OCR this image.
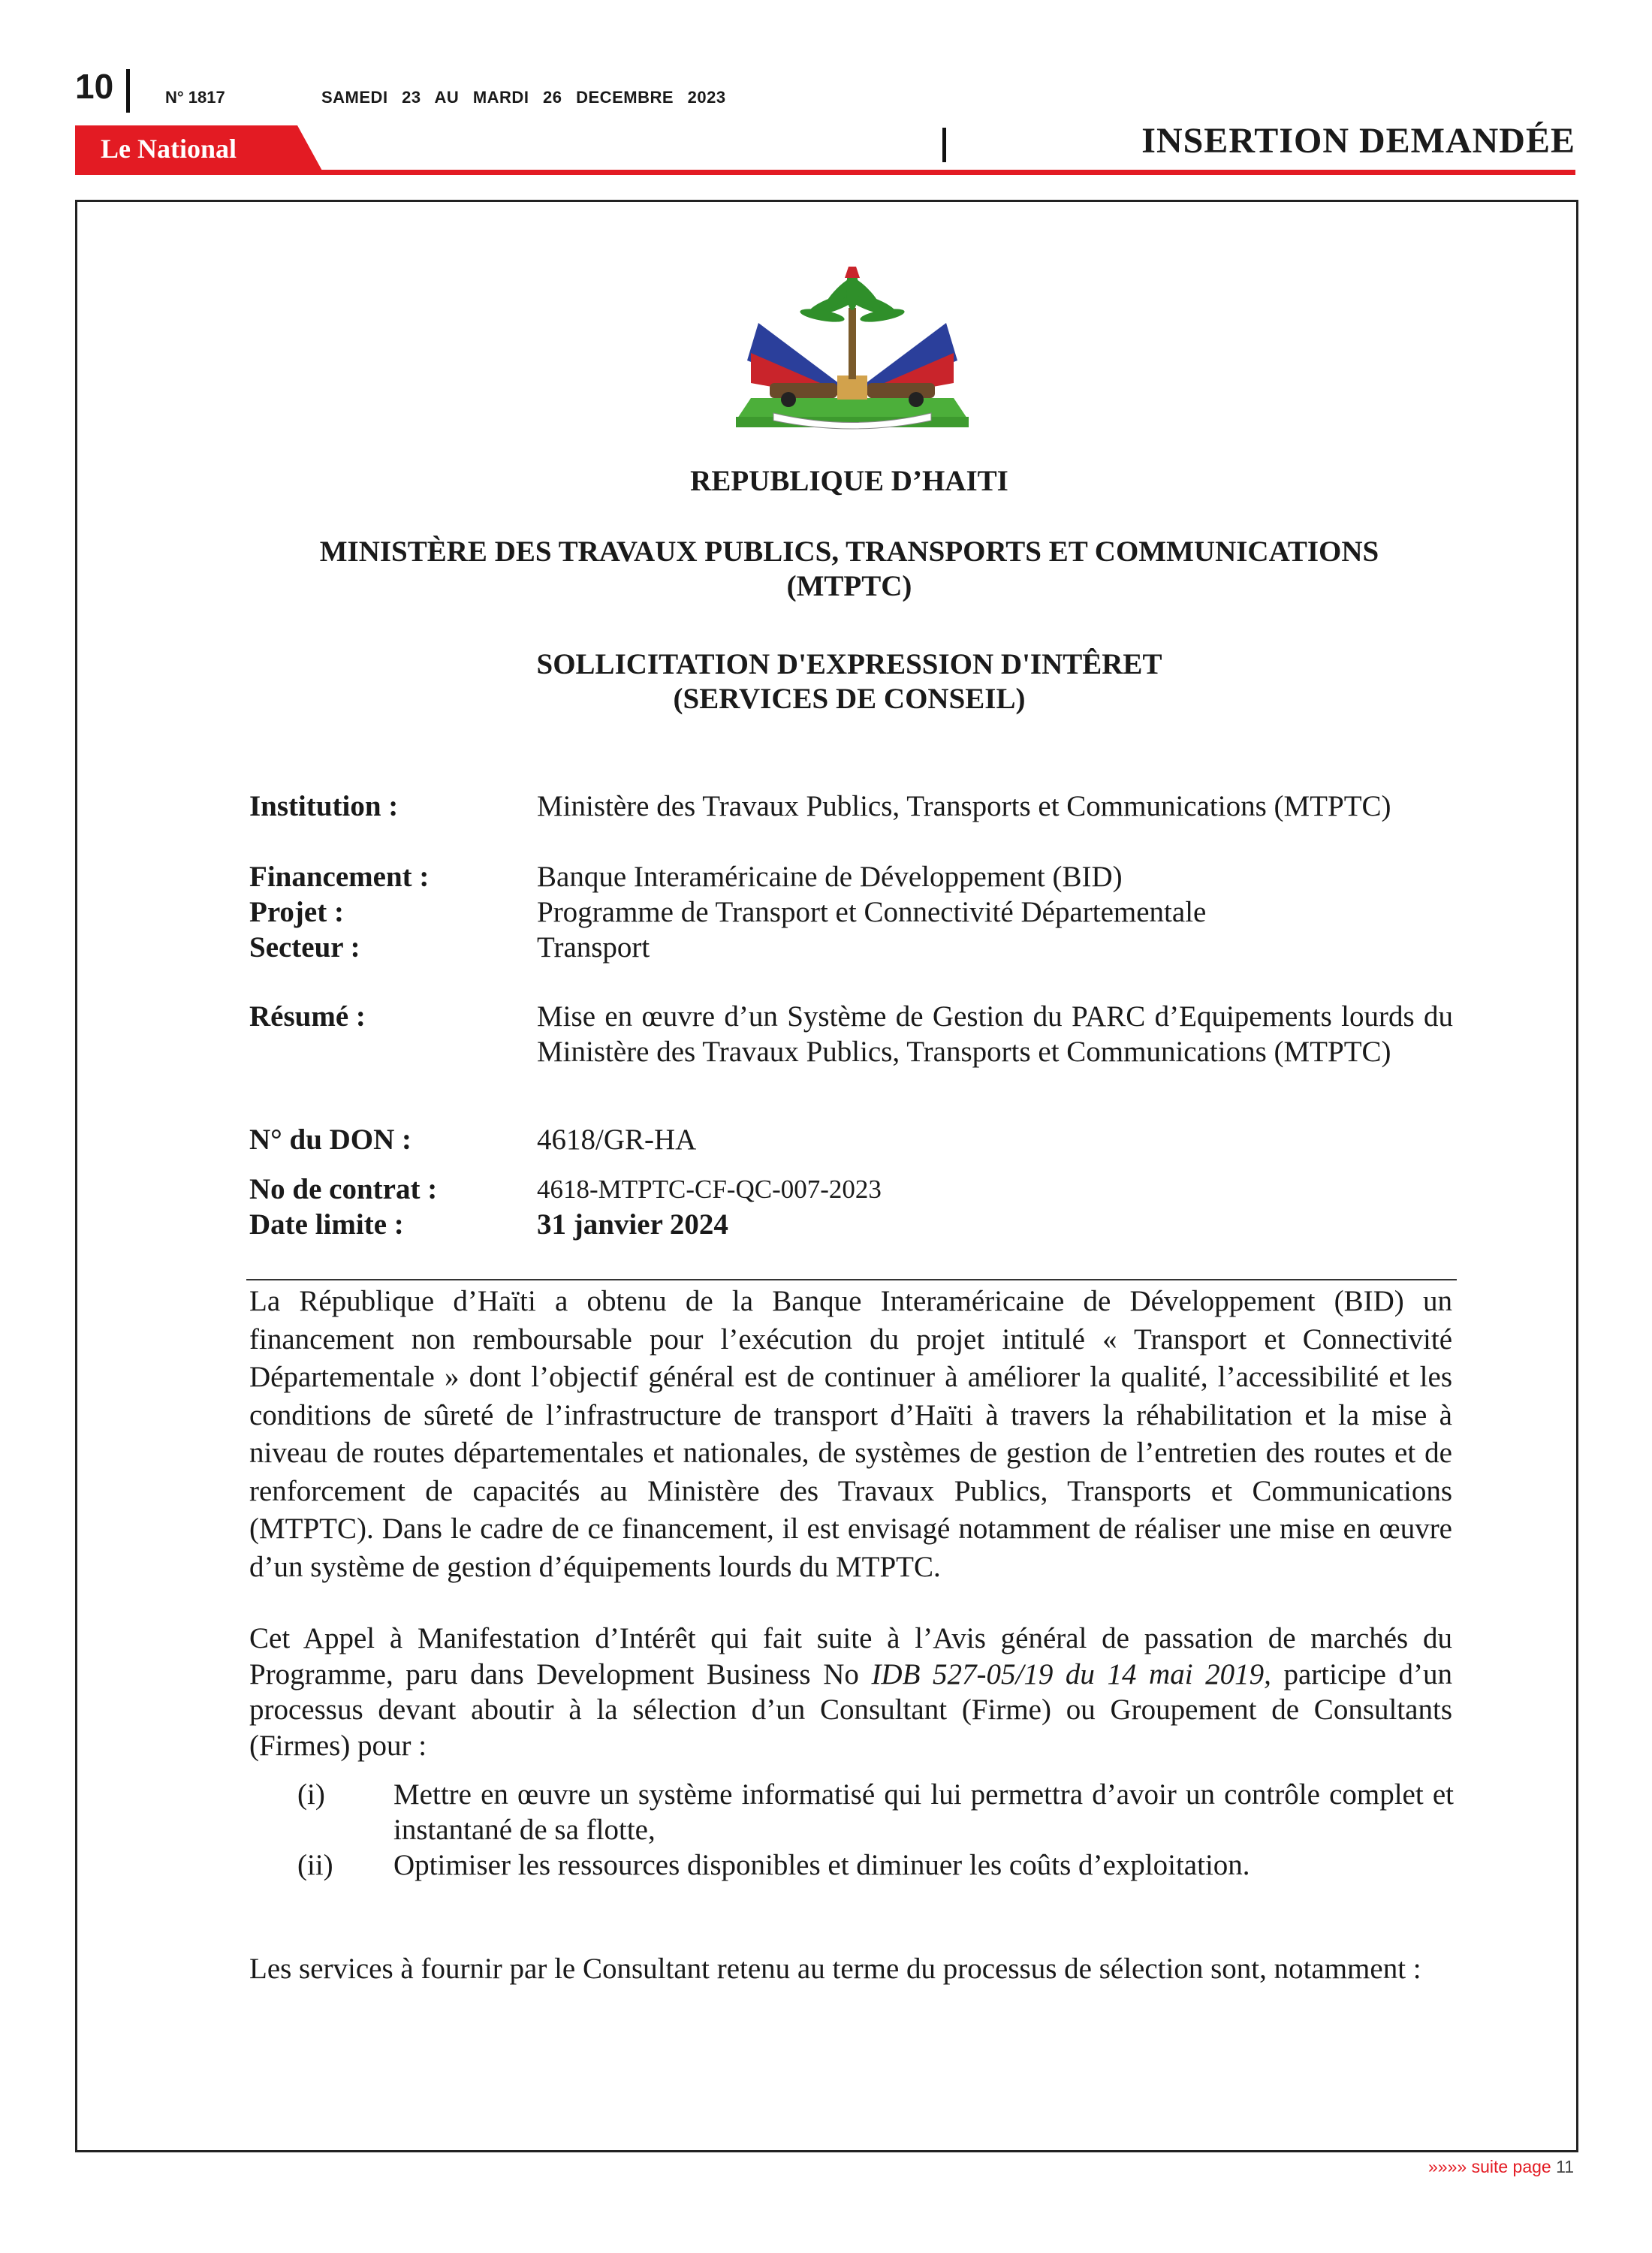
10	N° 1817	SAMEDI 23 AU MARDI 26 DECEMBRE 2023
Le National	INSERTION DEMANDÉE
REPUBLIQUE D’HAITI
MINISTÈRE DES TRAVAUX PUBLICS, TRANSPORTS ET COMMUNICATIONS
(MTPTC)
SOLLICITATION D'EXPRESSION D'INTÊRET
(SERVICES DE CONSEIL)
Institution :	Ministère des Travaux Publics, Transports et Communications (MTPTC)
Financement :	Banque Interaméricaine de Développement (BID)
Projet :	Programme de Transport et Connectivité Départementale
Secteur :	Transport
Résumé :	Mise en œuvre d’un Système de Gestion du PARC d’Equipements lourds du Ministère des Travaux Publics, Transports et Communications (MTPTC)
N° du DON :	4618/GR-HA
No de contrat :	4618-MTPTC-CF-QC-007-2023
Date limite :	31 janvier 2024
La République d’Haïti a obtenu de la Banque Interaméricaine de Développement (BID) un financement non remboursable pour l’exécution du projet intitulé « Transport et Connectivité Départementale » dont l’objectif général est de continuer à améliorer la qualité, l’accessibilité et les conditions de sûreté de l’infrastructure de transport d’Haïti à travers la réhabilitation et la mise à niveau de routes départementales et nationales, de systèmes de gestion de l’entretien des routes et de renforcement de capacités au Ministère des Travaux Publics, Transports et Communications (MTPTC). Dans le cadre de ce financement, il est envisagé notamment de réaliser une mise en œuvre d’un système de gestion d’équipements lourds du MTPTC.
Cet Appel à Manifestation d’Intérêt qui fait suite à l’Avis général de passation de marchés du Programme, paru dans Development Business No IDB 527-05/19 du 14 mai 2019, participe d’un processus devant aboutir à la sélection d’un Consultant (Firme) ou Groupement de Consultants (Firmes) pour :
(i) Mettre en œuvre un système informatisé qui lui permettra d’avoir un contrôle complet et instantané de sa flotte,
(ii) Optimiser les ressources disponibles et diminuer les coûts d’exploitation.
Les services à fournir par le Consultant retenu au terme du processus de sélection sont, notamment :
»»»» suite page 11
